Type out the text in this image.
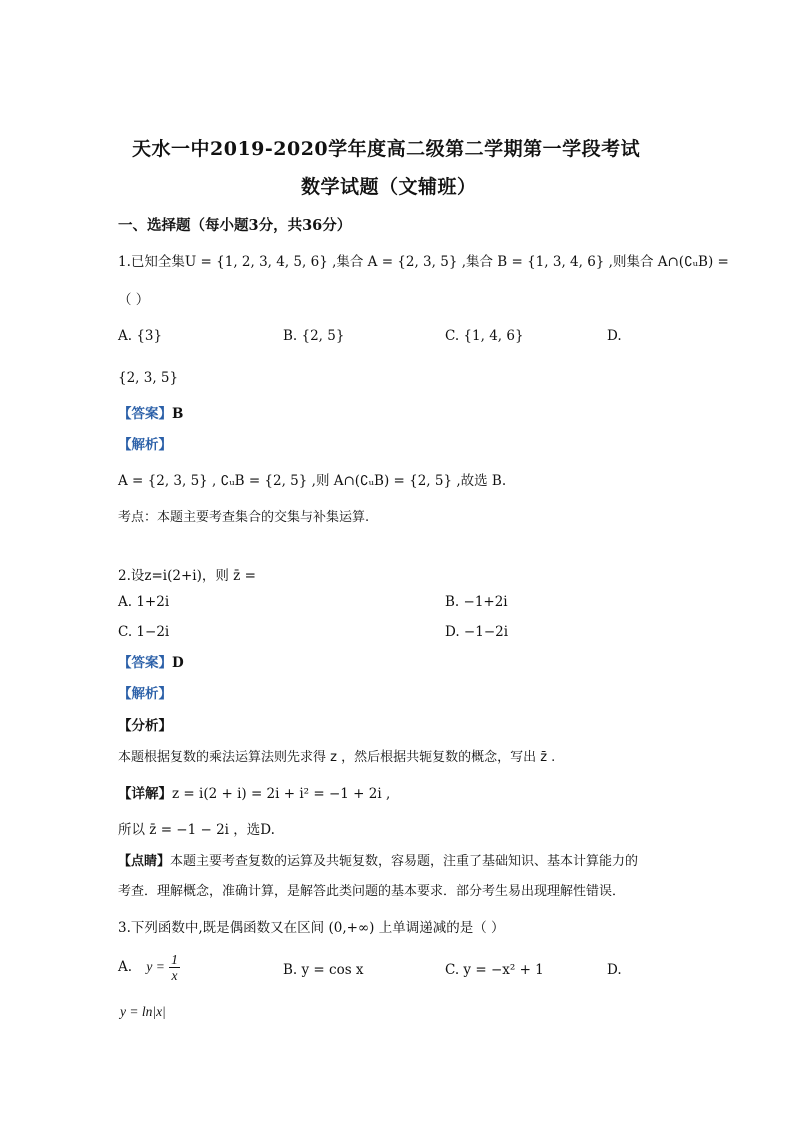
天水一中2019-2020学年度高二级第二学期第一学段考试
数学试题（文辅班）
一、选择题（每小题3分，共36分）
1.已知全集U = {1, 2, 3, 4, 5, 6} ,集合 A = {2, 3, 5} ,集合 B = {1, 3, 4, 6} ,则集合 A∩(∁ᵤB) =
（ ）
A. {3}	B. {2, 5}	C. {1, 4, 6}	D.
{2, 3, 5}
【答案】B
【解析】
A = {2, 3, 5} , ∁ᵤB = {2, 5} ,则 A∩(∁ᵤB) = {2, 5} ,故选 B.
考点：本题主要考查集合的交集与补集运算.
2.设z=i(2+i)，则 z̄ =
A. 1+2i	B. −1+2i
C. 1−2i	D. −1−2i
【答案】D
【解析】
【分析】
本题根据复数的乘法运算法则先求得 z ，然后根据共轭复数的概念，写出 z̄ .
【详解】z = i(2 + i) = 2i + i² = −1 + 2i ,
所以 z̄ = −1 − 2i ，选D.
【点睛】本题主要考查复数的运算及共轭复数，容易题，注重了基础知识、基本计算能力的
考查．理解概念，准确计算，是解答此类问题的基本要求．部分考生易出现理解性错误．
3.下列函数中,既是偶函数又在区间 (0,+∞) 上单调递减的是（ ）
A. $y = \frac{1}{x}$	B. y = cos x	C. y = −x² + 1	D.
y = ln|x|
